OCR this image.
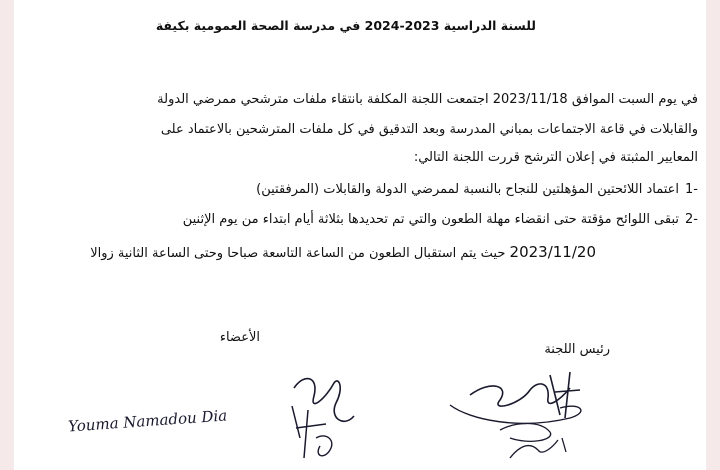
للسنة الدراسية 2023-2024 في مدرسة الصحة العمومية بكيفة
في يوم السبت الموافق 2023/11/18 اجتمعت اللجنة المكلفة بانتقاء ملفات مترشحي ممرضي الدولة
والقابلات في قاعة الاجتماعات بمباني المدرسة وبعد التدقيق في كل ملفات المترشحين بالاعتماد على
المعايير المثبتة في إعلان الترشح قررت اللجنة التالي:
-1اعتماد اللائحتين المؤهلتين للنجاح بالنسبة لممرضي الدولة والقابلات (المرفقتين)
-2تبقى اللوائح مؤقتة حتى انقضاء مهلة الطعون والتي تم تحديدها بثلاثة أيام ابتداء من يوم الإثنين
2023/11/20 حيث يتم استقبال الطعون من الساعة التاسعة صباحا وحتى الساعة الثانية زوالا
رئيس اللجنة
الأعضاء
Youma Namadou Dia
